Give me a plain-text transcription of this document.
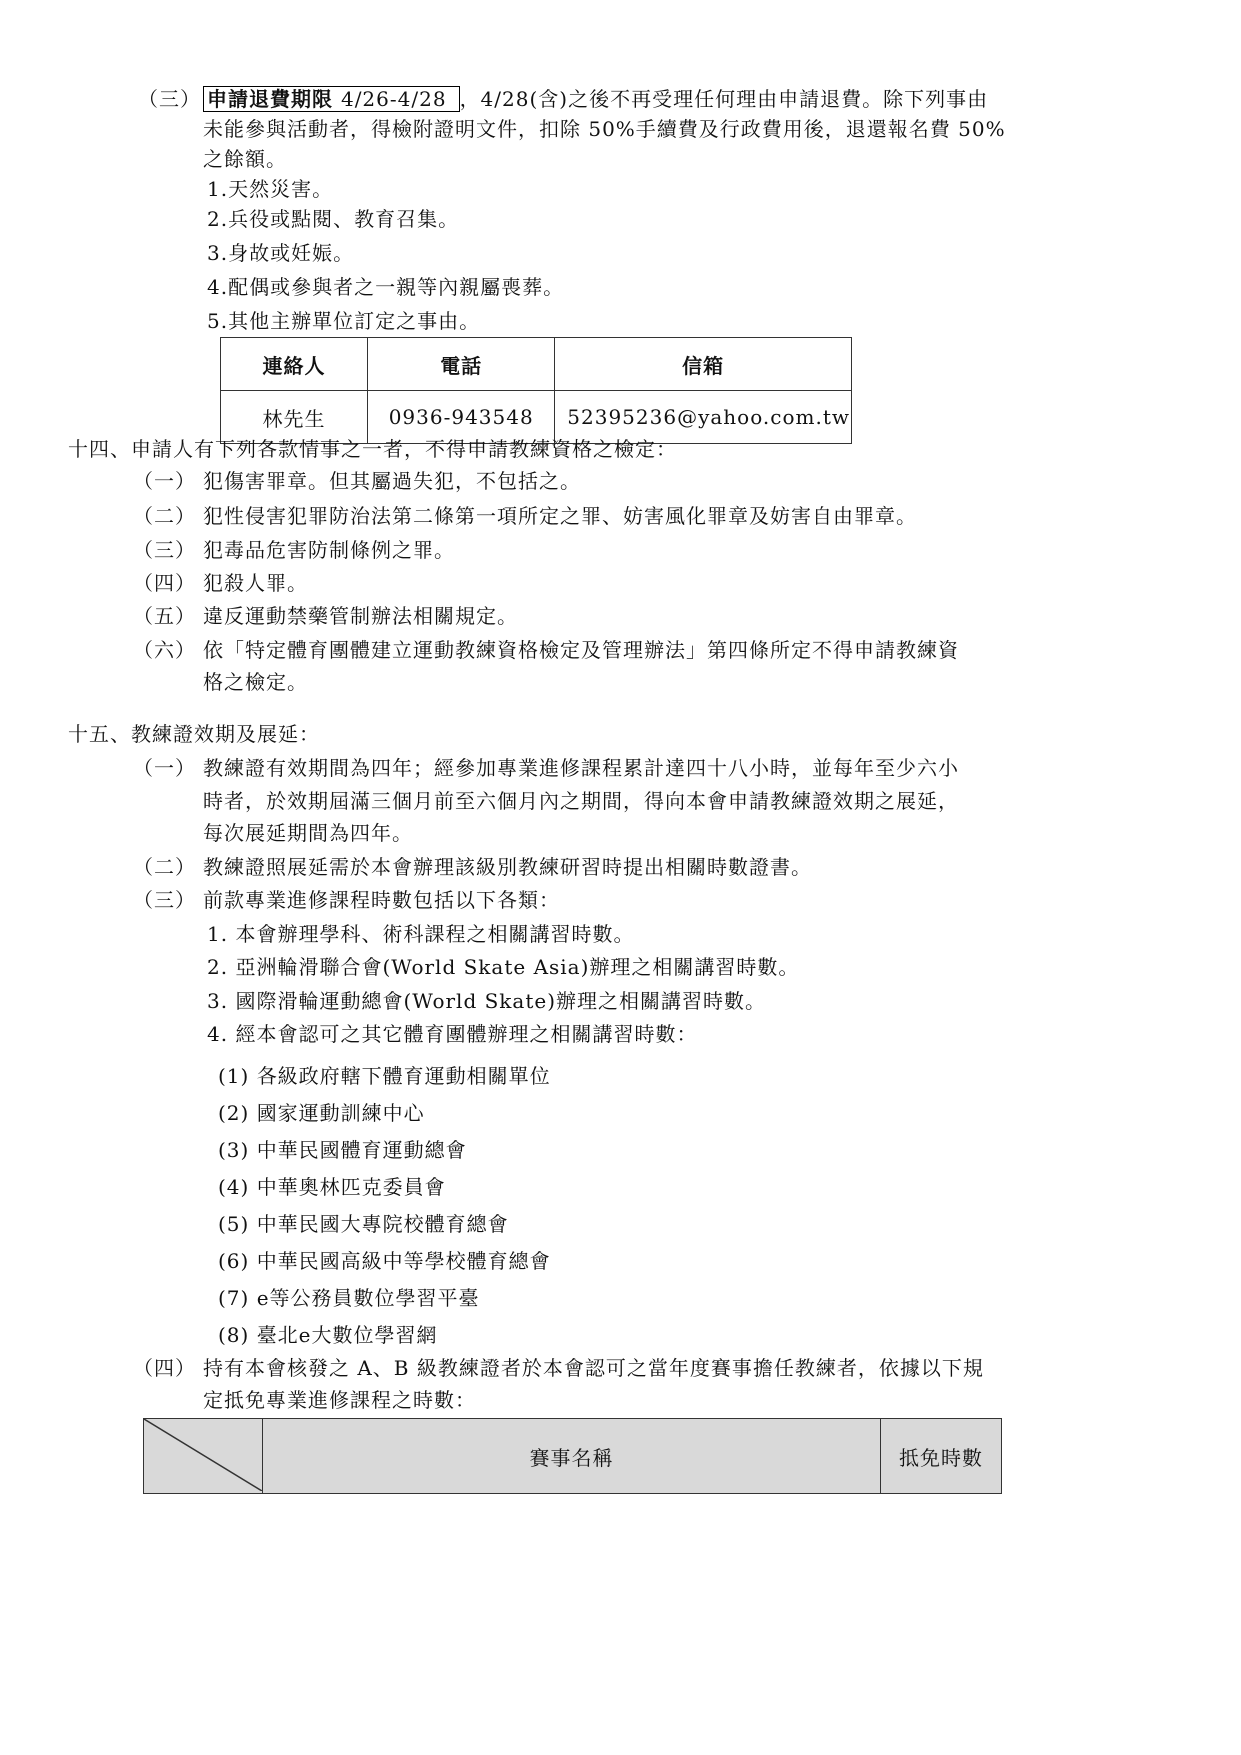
（三） 申請退費期限 4/26-4/28 ，4/28(含)之後不再受理任何理由申請退費。除下列事由
未能參與活動者，得檢附證明文件，扣除 50%手續費及行政費用後，退還報名費 50%
之餘額。
1.天然災害。
2.兵役或點閱、教育召集。
3.身故或妊娠。
4.配偶或參與者之一親等內親屬喪葬。
5.其他主辦單位訂定之事由。
連絡人	電話	信箱
林先生	0936-943548	52395236@yahoo.com.tw
十四、申請人有下列各款情事之一者，不得申請教練資格之檢定：
（一） 犯傷害罪章。但其屬過失犯，不包括之。
（二） 犯性侵害犯罪防治法第二條第一項所定之罪、妨害風化罪章及妨害自由罪章。
（三） 犯毒品危害防制條例之罪。
（四） 犯殺人罪。
（五） 違反運動禁藥管制辦法相關規定。
（六） 依「特定體育團體建立運動教練資格檢定及管理辦法」第四條所定不得申請教練資
格之檢定。
十五、教練證效期及展延：
（一） 教練證有效期間為四年；經參加專業進修課程累計達四十八小時，並每年至少六小
時者，於效期屆滿三個月前至六個月內之期間，得向本會申請教練證效期之展延，
每次展延期間為四年。
（二） 教練證照展延需於本會辦理該級別教練研習時提出相關時數證書。
（三） 前款專業進修課程時數包括以下各類：
1. 本會辦理學科、術科課程之相關講習時數。
2. 亞洲輪滑聯合會(World Skate Asia)辦理之相關講習時數。
3. 國際滑輪運動總會(World Skate)辦理之相關講習時數。
4. 經本會認可之其它體育團體辦理之相關講習時數：
(1) 各級政府轄下體育運動相關單位
(2) 國家運動訓練中心
(3) 中華民國體育運動總會
(4) 中華奧林匹克委員會
(5) 中華民國大專院校體育總會
(6) 中華民國高級中等學校體育總會
(7) e等公務員數位學習平臺
(8) 臺北e大數位學習網
（四） 持有本會核發之 A、B 級教練證者於本會認可之當年度賽事擔任教練者，依據以下規
定抵免專業進修課程之時數：
	賽事名稱	抵免時數
